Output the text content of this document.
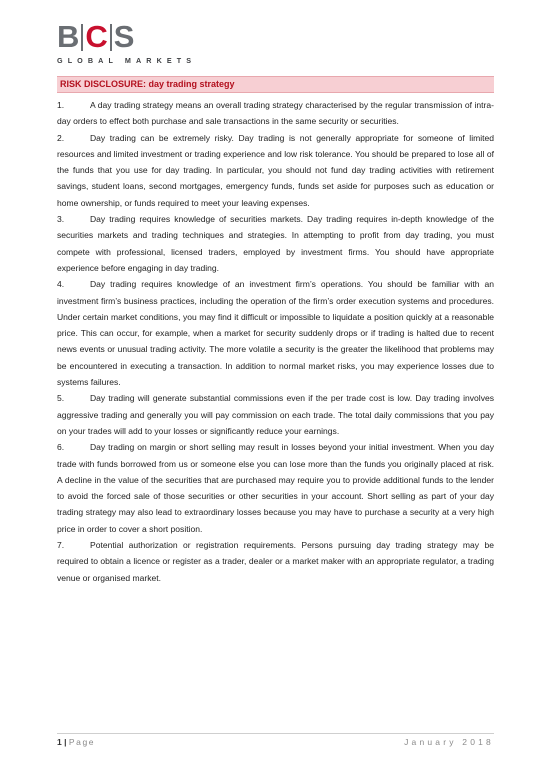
B C S
GLOBAL MARKETS
RISK DISCLOSURE: day trading strategy

1.	A day trading strategy means an overall trading strategy characterised by the regular transmission of intra-day orders to effect both purchase and sale transactions in the same security or securities.

2.	Day trading can be extremely risky. Day trading is not generally appropriate for someone of limited resources and limited investment or trading experience and low risk tolerance. You should be prepared to lose all of the funds that you use for day trading. In particular, you should not fund day trading activities with retirement savings, student loans, second mortgages, emergency funds, funds set aside for purposes such as education or home ownership, or funds required to meet your leaving expenses.

3.	Day trading requires knowledge of securities markets. Day trading requires in-depth knowledge of the securities markets and trading techniques and strategies. In attempting to profit from day trading, you must compete with professional, licensed traders, employed by investment firms. You should have appropriate experience before engaging in day trading.

4.	Day trading requires knowledge of an investment firm’s operations. You should be familiar with an investment firm’s business practices, including the operation of the firm’s order execution systems and procedures. Under certain market conditions, you may find it difficult or impossible to liquidate a position quickly at a reasonable price. This can occur, for example, when a market for security suddenly drops or if trading is halted due to recent news events or unusual trading activity. The more volatile a security is the greater the likelihood that problems may be encountered in executing a transaction. In addition to normal market risks, you may experience losses due to systems failures.

5.	Day trading will generate substantial commissions even if the per trade cost is low. Day trading involves aggressive trading and generally you will pay commission on each trade. The total daily commissions that you pay on your trades will add to your losses or significantly reduce your earnings.

6.	Day trading on margin or short selling may result in losses beyond your initial investment. When you day trade with funds borrowed from us or someone else you can lose more than the funds you originally placed at risk. A decline in the value of the securities that are purchased may require you to provide additional funds to the lender to avoid the forced sale of those securities or other securities in your account. Short selling as part of your day trading strategy may also lead to extraordinary losses because you may have to purchase a security at a very high price in order to cover a short position.

7.	Potential authorization or registration requirements. Persons pursuing day trading strategy may be required to obtain a licence or register as a trader, dealer or a market maker with an appropriate regulator, a trading venue or organised market.

1 | Page	January 2018
